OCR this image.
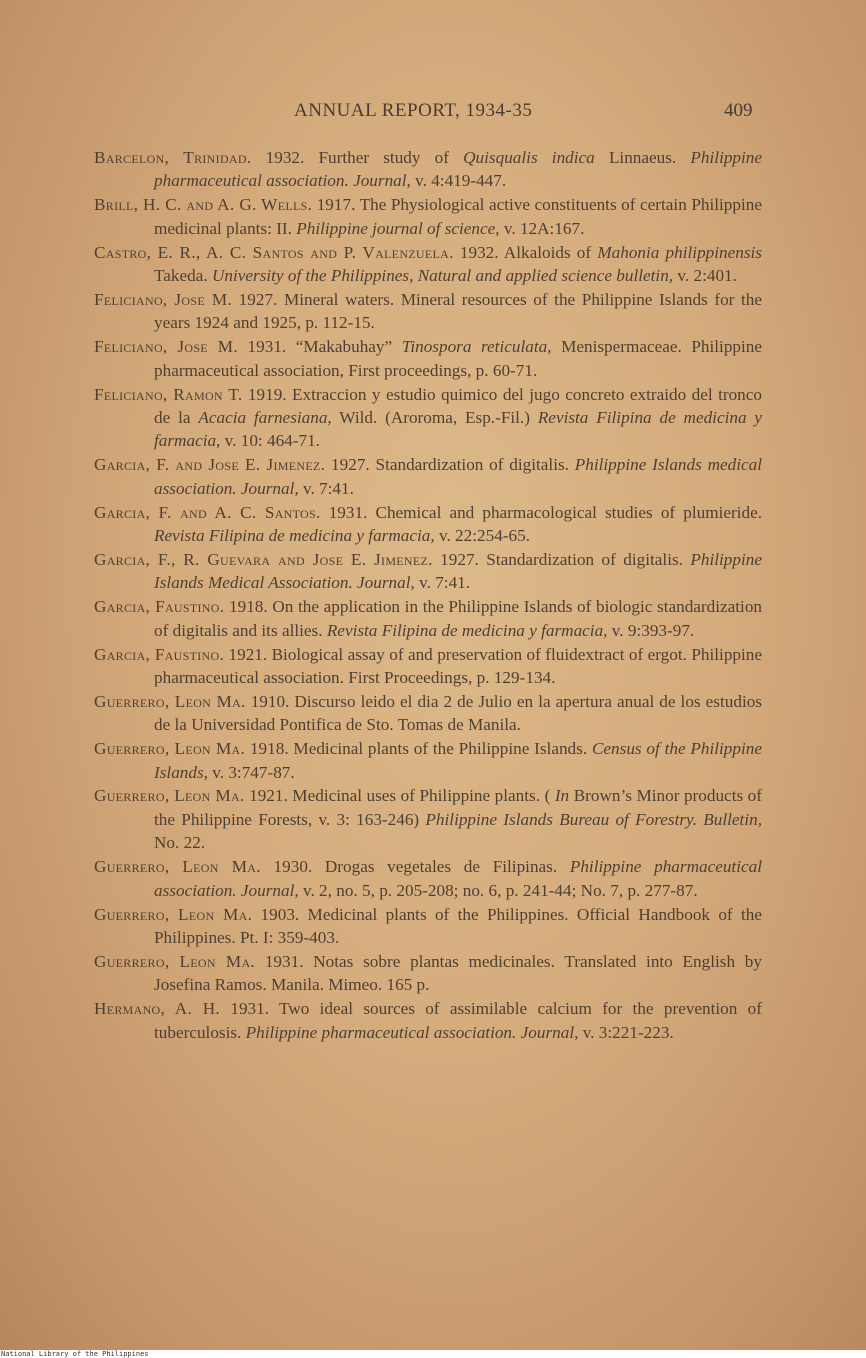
ANNUAL REPORT, 1934-35	409
Barcelon, Trinidad. 1932. Further study of Quisqualis indica Linnaeus. Philippine pharmaceutical association. Journal, v. 4:419-447.
Brill, H. C. and A. G. Wells. 1917. The Physiological active constituents of certain Philippine medicinal plants: II. Philippine journal of science, v. 12A:167.
Castro, E. R., A. C. Santos and P. Valenzuela. 1932. Alkaloids of Mahonia philippinensisTakeda. University of the Philippines, Natural and applied science bulletin, v. 2:401.
Feliciano, Jose M. 1927. Mineral waters. Mineral resources of the Philippine Islands for the years 1924 and 1925, p. 112-15.
Feliciano, Jose M. 1931. “Makabuhay” Tinospora reticulata, Menispermaceae. Philippine pharmaceutical association, First proceedings, p. 60-71.
Feliciano, Ramon T. 1919. Extraccion y estudio quimico del jugo concreto extraido del tronco de la Acacia farnesiana, Wild. (Aroroma, Esp.-Fil.) Revista Filipina de medicina y farmacia, v. 10: 464-71.
Garcia, F. and Jose E. Jimenez. 1927. Standardization of digitalis. Philippine Islands medical association. Journal, v. 7:41.
Garcia, F. and A. C. Santos. 1931. Chemical and pharmacological studies of plumieride.Revista Filipina de medicina y farmacia, v. 22:254-65.
Garcia, F., R. Guevara and Jose E. Jimenez. 1927. Standardization of digitalis. Philippine Islands Medical Association. Journal, v. 7:41.
Garcia, Faustino. 1918. On the application in the Philippine Islands of biologic standardization of digitalis and its allies. Revista Filipina de medicina y farmacia, v. 9:393-97.
Garcia, Faustino. 1921. Biological assay of and preservation of fluidextract of ergot. Philippine pharmaceutical association. First Proceedings, p. 129-134.
Guerrero, Leon Ma. 1910. Discurso leido el dia 2 de Julio en la apertura anual de los estudios de la Universidad Pontifica de Sto. Tomas de Manila.
Guerrero, Leon Ma. 1918. Medicinal plants of the Philippine Islands. Census of the Philippine Islands, v. 3:747-87.
Guerrero, Leon Ma. 1921. Medicinal uses of Philippine plants. ( In Brown’s Minor products of the Philippine Forests, v. 3: 163-246) Philippine Islands Bureau of Forestry. Bulletin,No. 22.
Guerrero, Leon Ma. 1930. Drogas vegetales de Filipinas. Philippine pharmaceutical association. Journal, v. 2, no. 5, p. 205-208; no. 6, p. 241-44; No. 7, p. 277-87.
Guerrero, Leon Ma. 1903. Medicinal plants of the Philippines. Official Handbook of the Philippines. Pt. I: 359-403.
Guerrero, Leon Ma. 1931. Notas sobre plantas medicinales. Translated into English by Josefina Ramos. Manila. Mimeo. 165 p.
Hermano, A. H. 1931. Two ideal sources of assimilable calcium for the prevention of tuberculosis. Philippine pharmaceutical association. Journal, v. 3:221-223.
National Library of the Philippines
